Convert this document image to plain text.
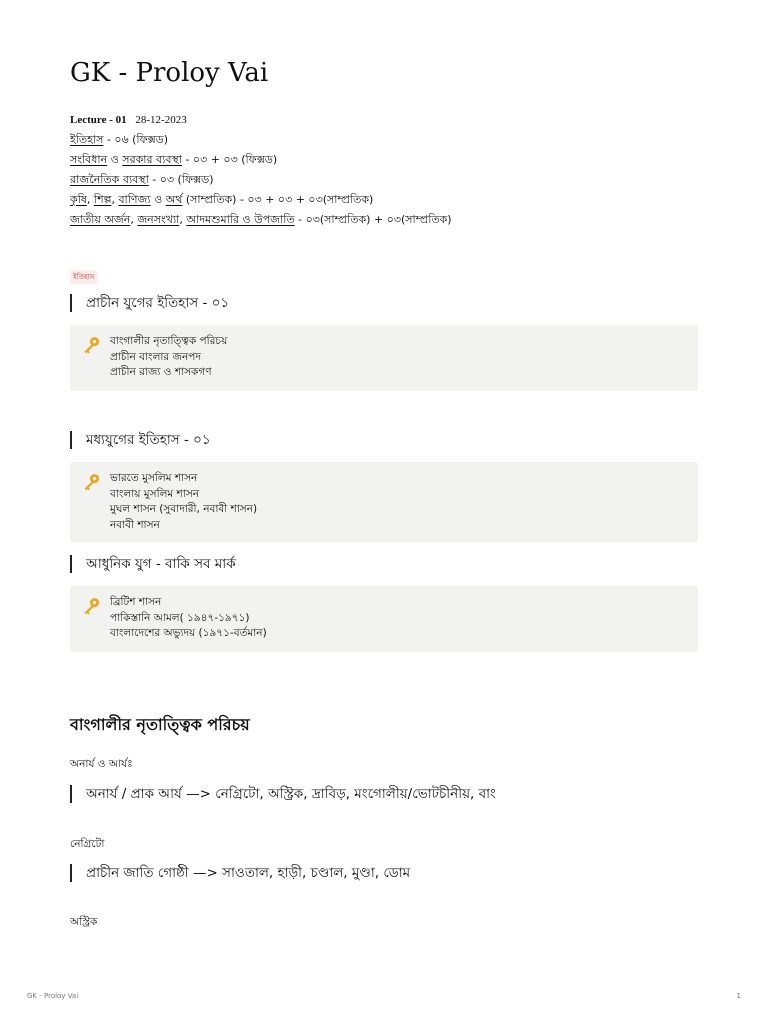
GK - Proloy Vai
Lecture - 01 28-12-2023
ইতিহাস - ০৬ (ফিক্সড)
সংবিধান ও সরকার ব্যবস্থা - ০৩ + ০৩ (ফিক্সড)
রাজনৈতিক ব্যবস্থা - ০৩ (ফিক্সড)
কৃষি, শিল্প, বাণিজ্য ও অর্থ (সাম্প্রতিক) - ০৩ + ০৩ + ০৩(সাম্প্রতিক)
জাতীয় অর্জন, জনসংখ্যা, আদমশুমারি ও উপজাতি - ০৩(সাম্প্রতিক) + ০৩(সাম্প্রতিক)
ইতিহাস
প্রাচীন যুগের ইতিহাস - ০১
বাংগালীর নৃতাত্ত্বিক পরিচয়
প্রাচীন বাংলার জনপদ
প্রাচীন রাজ্য ও শাসকগণ
মধ্যযুগের ইতিহাস - ০১
ভারতে মুসলিম শাসন
বাংলায় মুসলিম শাসন
মুঘল শাসন (সুবাদারী, নবাবী শাসন)
নবাবী শাসন
আধুনিক যুগ - বাকি সব মার্ক
ব্রিটিশ শাসন
পাকিস্তানি আমল( ১৯৪৭-১৯৭১)
বাংলাদেশের অভ্যুদয় (১৯৭১-বর্তমান)
বাংগালীর নৃতাত্ত্বিক পরিচয়
অনার্য ও আর্যঃ
অনার্য / প্রাক আর্য —> নেগ্রিটো, অস্ট্রিক, দ্রাবিড়, মংগোলীয়/ভোটচীনীয়, বাং
নেগ্রিটো
প্রাচীন জাতি গোষ্ঠী —> সাওতাল, হাড়ী, চণ্ডাল, মুণ্ডা, ডোম
অস্ট্রিক
GK - Proloy Vai	1
